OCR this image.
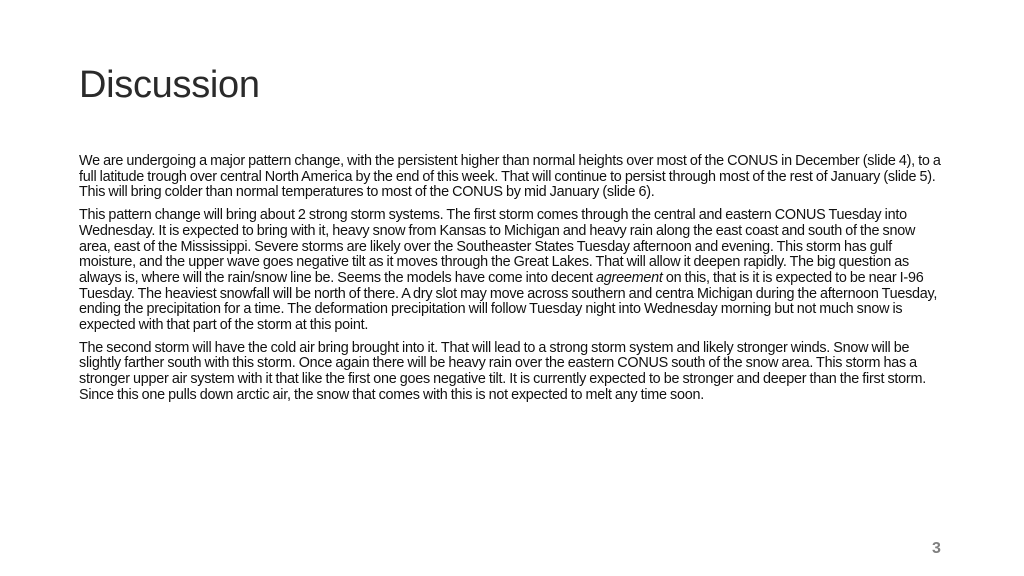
Discussion

We are undergoing a major pattern change, with the persistent higher than normal heights over most of the CONUS in December (slide 4), to a full latitude trough over central North America by the end of this week. That will continue to persist through most of the rest of January (slide 5). This will bring colder than normal temperatures to most of the CONUS by mid January (slide 6).

This pattern change will bring about 2 strong storm systems. The first storm comes through the central and eastern CONUS Tuesday into Wednesday. It is expected to bring with it, heavy snow from Kansas to Michigan and heavy rain along the east coast and south of the snow area, east of the Mississippi. Severe storms are likely over the Southeaster States Tuesday afternoon and evening. This storm has gulf moisture, and the upper wave goes negative tilt as it moves through the Great Lakes. That will allow it deepen rapidly. The big question as always is, where will the rain/snow line be. Seems the models have come into decent agreement on this, that is it is expected to be near I-96 Tuesday. The heaviest snowfall will be north of there. A dry slot may move across southern and centra Michigan during the afternoon Tuesday, ending the precipitation for a time. The deformation precipitation will follow Tuesday night into Wednesday morning but not much snow is expected with that part of the storm at this point.

The second storm will have the cold air bring brought into it. That will lead to a strong storm system and likely stronger winds. Snow will be slightly farther south with this storm. Once again there will be heavy rain over the eastern CONUS south of the snow area. This storm has a stronger upper air system with it that like the first one goes negative tilt. It is currently expected to be stronger and deeper than the first storm. Since this one pulls down arctic air, the snow that comes with this is not expected to melt any time soon.

3
